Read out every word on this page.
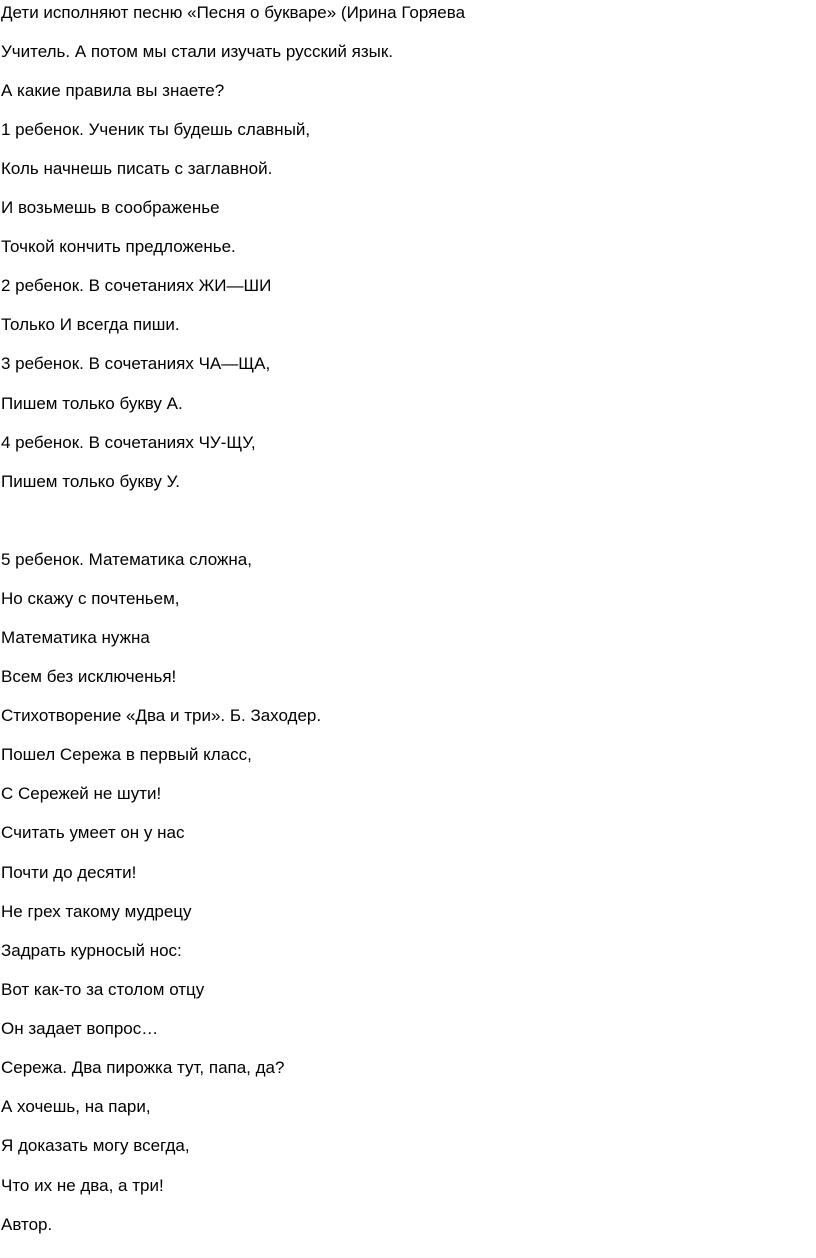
Дети исполняют песню «Песня о букваре» (Ирина Горяева
Учитель. А потом мы стали изучать русский язык.
А какие правила вы знаете?
1 ребенок. Ученик ты будешь славный,
Коль начнешь писать с заглавной.
И возьмешь в соображенье
Точкой кончить предложенье.
2 ребенок. В сочетаниях ЖИ—ШИ
Только И всегда пиши.
3 ребенок. В сочетаниях ЧА—ЩА,
Пишем только букву А.
4 ребенок. В сочетаниях ЧУ-ЩУ,
Пишем только букву У.
5 ребенок. Математика сложна,
Но скажу с почтеньем,
Математика нужна
Всем без исключенья!
Стихотворение «Два и три». Б. Заходер.
Пошел Сережа в первый класс,
С Сережей не шути!
Считать умеет он у нас
Почти до десяти!
Не грех такому мудрецу
Задрать курносый нос:
Вот как-то за столом отцу
Он задает вопрос…
Сережа. Два пирожка тут, папа, да?
А хочешь, на пари,
Я доказать могу всегда,
Что их не два, а три!
Автор.
